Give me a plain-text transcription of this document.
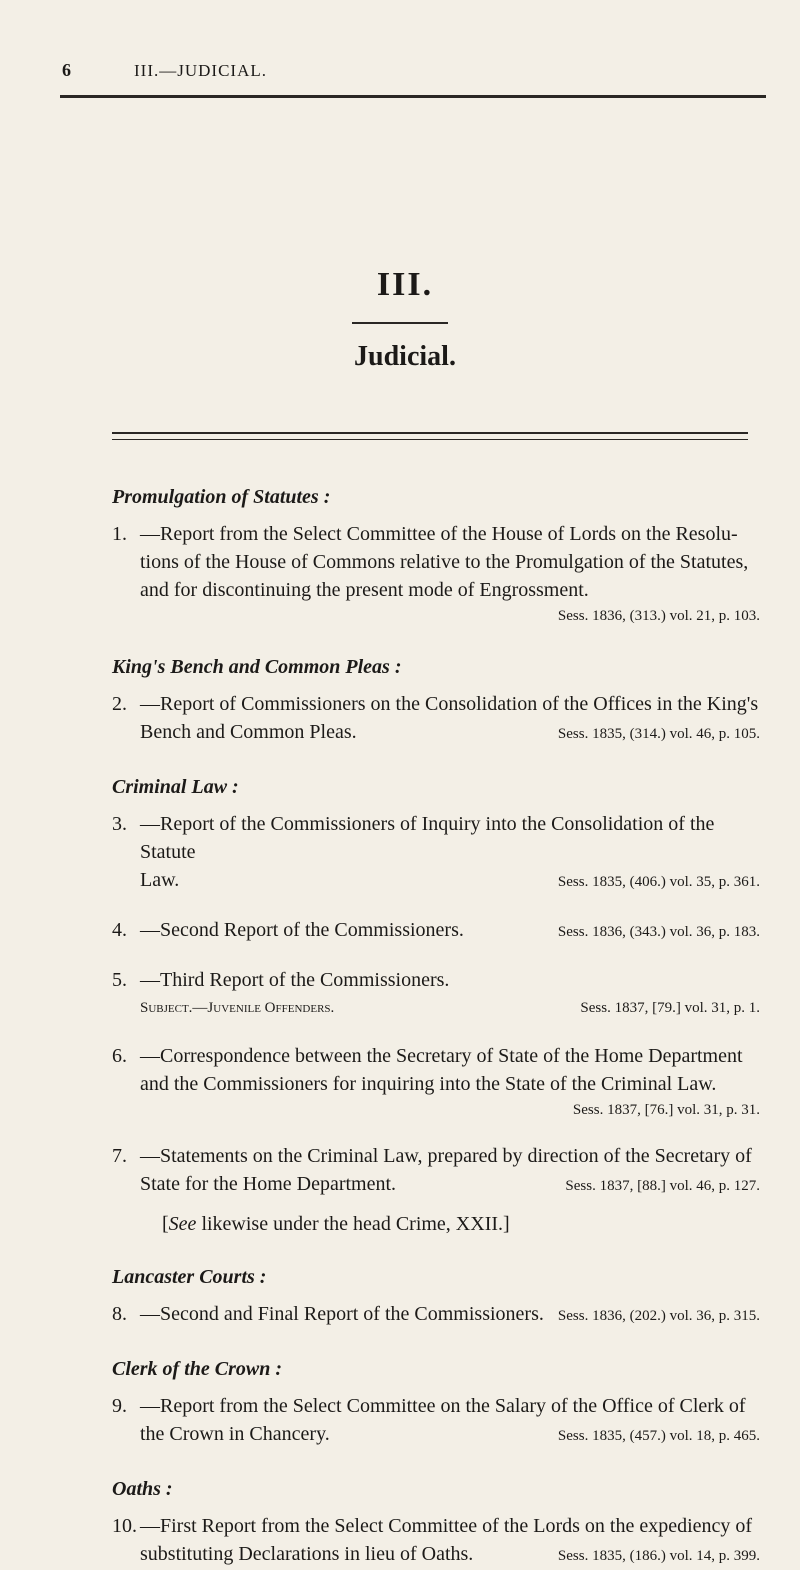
6	III.—JUDICIAL.
III.
Judicial.
Promulgation of Statutes :
1. —Report from the Select Committee of the House of Lords on the Resolu-
tions of the House of Commons relative to the Promulgation of the Statutes,
and for discontinuing the present mode of Engrossment.
Sess. 1836, (313.) vol. 21, p. 103.
King's Bench and Common Pleas :
2. —Report of Commissioners on the Consolidation of the Offices in the King's
Bench and Common Pleas.	Sess. 1835, (314.) vol. 46, p. 105.
Criminal Law :
3. —Report of the Commissioners of Inquiry into the Consolidation of the Statute
Law.	Sess. 1835, (406.) vol. 35, p. 361.
4. —Second Report of the Commissioners.	Sess. 1836, (343.) vol. 36, p. 183.
5. —Third Report of the Commissioners.
Subject.—Juvenile Offenders.	Sess. 1837, [79.] vol. 31, p. 1.
6. —Correspondence between the Secretary of State of the Home Department
and the Commissioners for inquiring into the State of the Criminal Law.
Sess. 1837, [76.] vol. 31, p. 31.
7. —Statements on the Criminal Law, prepared by direction of the Secretary of
State for the Home Department.	Sess. 1837, [88.] vol. 46, p. 127.
[See likewise under the head Crime, XXII.]
Lancaster Courts :
8. —Second and Final Report of the Commissioners. Sess. 1836, (202.) vol. 36, p. 315.
Clerk of the Crown :
9. —Report from the Select Committee on the Salary of the Office of Clerk of
the Crown in Chancery.	Sess. 1835, (457.) vol. 18, p. 465.
Oaths :
10. —First Report from the Select Committee of the Lords on the expediency of
substituting Declarations in lieu of Oaths.	Sess. 1835, (186.) vol. 14, p. 399.
